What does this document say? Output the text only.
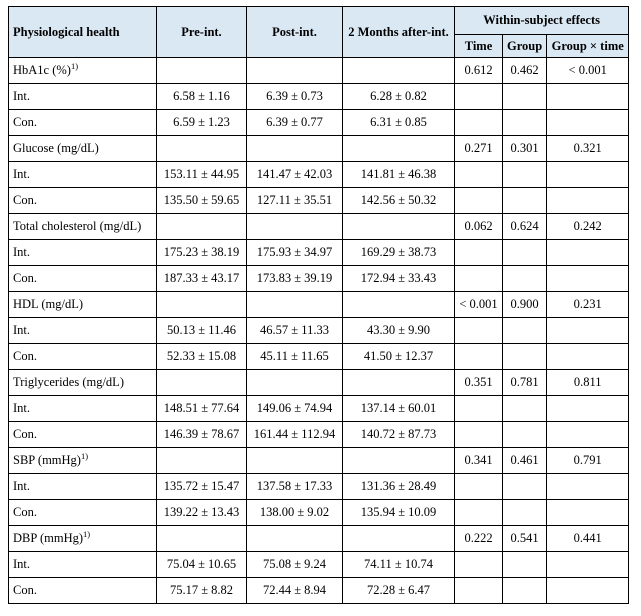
Physiological health	Pre-int.	Post-int.	2 Months after-int.	Within-subject effects		
				Time	Group	Group × time
HbA1c (%)$^{1)}$				0.612	0.462	< 0.001
Int.	6.58 ± 1.16	6.39 ± 0.73	6.28 ± 0.82			
Con.	6.59 ± 1.23	6.39 ± 0.77	6.31 ± 0.85			
Glucose (mg/dL)				0.271	0.301	0.321
Int.	153.11 ± 44.95	141.47 ± 42.03	141.81 ± 46.38			
Con.	135.50 ± 59.65	127.11 ± 35.51	142.56 ± 50.32			
Total cholesterol (mg/dL)				0.062	0.624	0.242
Int.	175.23 ± 38.19	175.93 ± 34.97	169.29 ± 38.73			
Con.	187.33 ± 43.17	173.83 ± 39.19	172.94 ± 33.43			
HDL (mg/dL)				< 0.001	0.900	0.231
Int.	50.13 ± 11.46	46.57 ± 11.33	43.30 ± 9.90			
Con.	52.33 ± 15.08	45.11 ± 11.65	41.50 ± 12.37			
Triglycerides (mg/dL)				0.351	0.781	0.811
Int.	148.51 ± 77.64	149.06 ± 74.94	137.14 ± 60.01			
Con.	146.39 ± 78.67	161.44 ± 112.94	140.72 ± 87.73			
SBP (mmHg)$^{1)}$				0.341	0.461	0.791
Int.	135.72 ± 15.47	137.58 ± 17.33	131.36 ± 28.49			
Con.	139.22 ± 13.43	138.00 ± 9.02	135.94 ± 10.09			
DBP (mmHg)$^{1)}$				0.222	0.541	0.441
Int.	75.04 ± 10.65	75.08 ± 9.24	74.11 ± 10.74			
Con.	75.17 ± 8.82	72.44 ± 8.94	72.28 ± 6.47			
